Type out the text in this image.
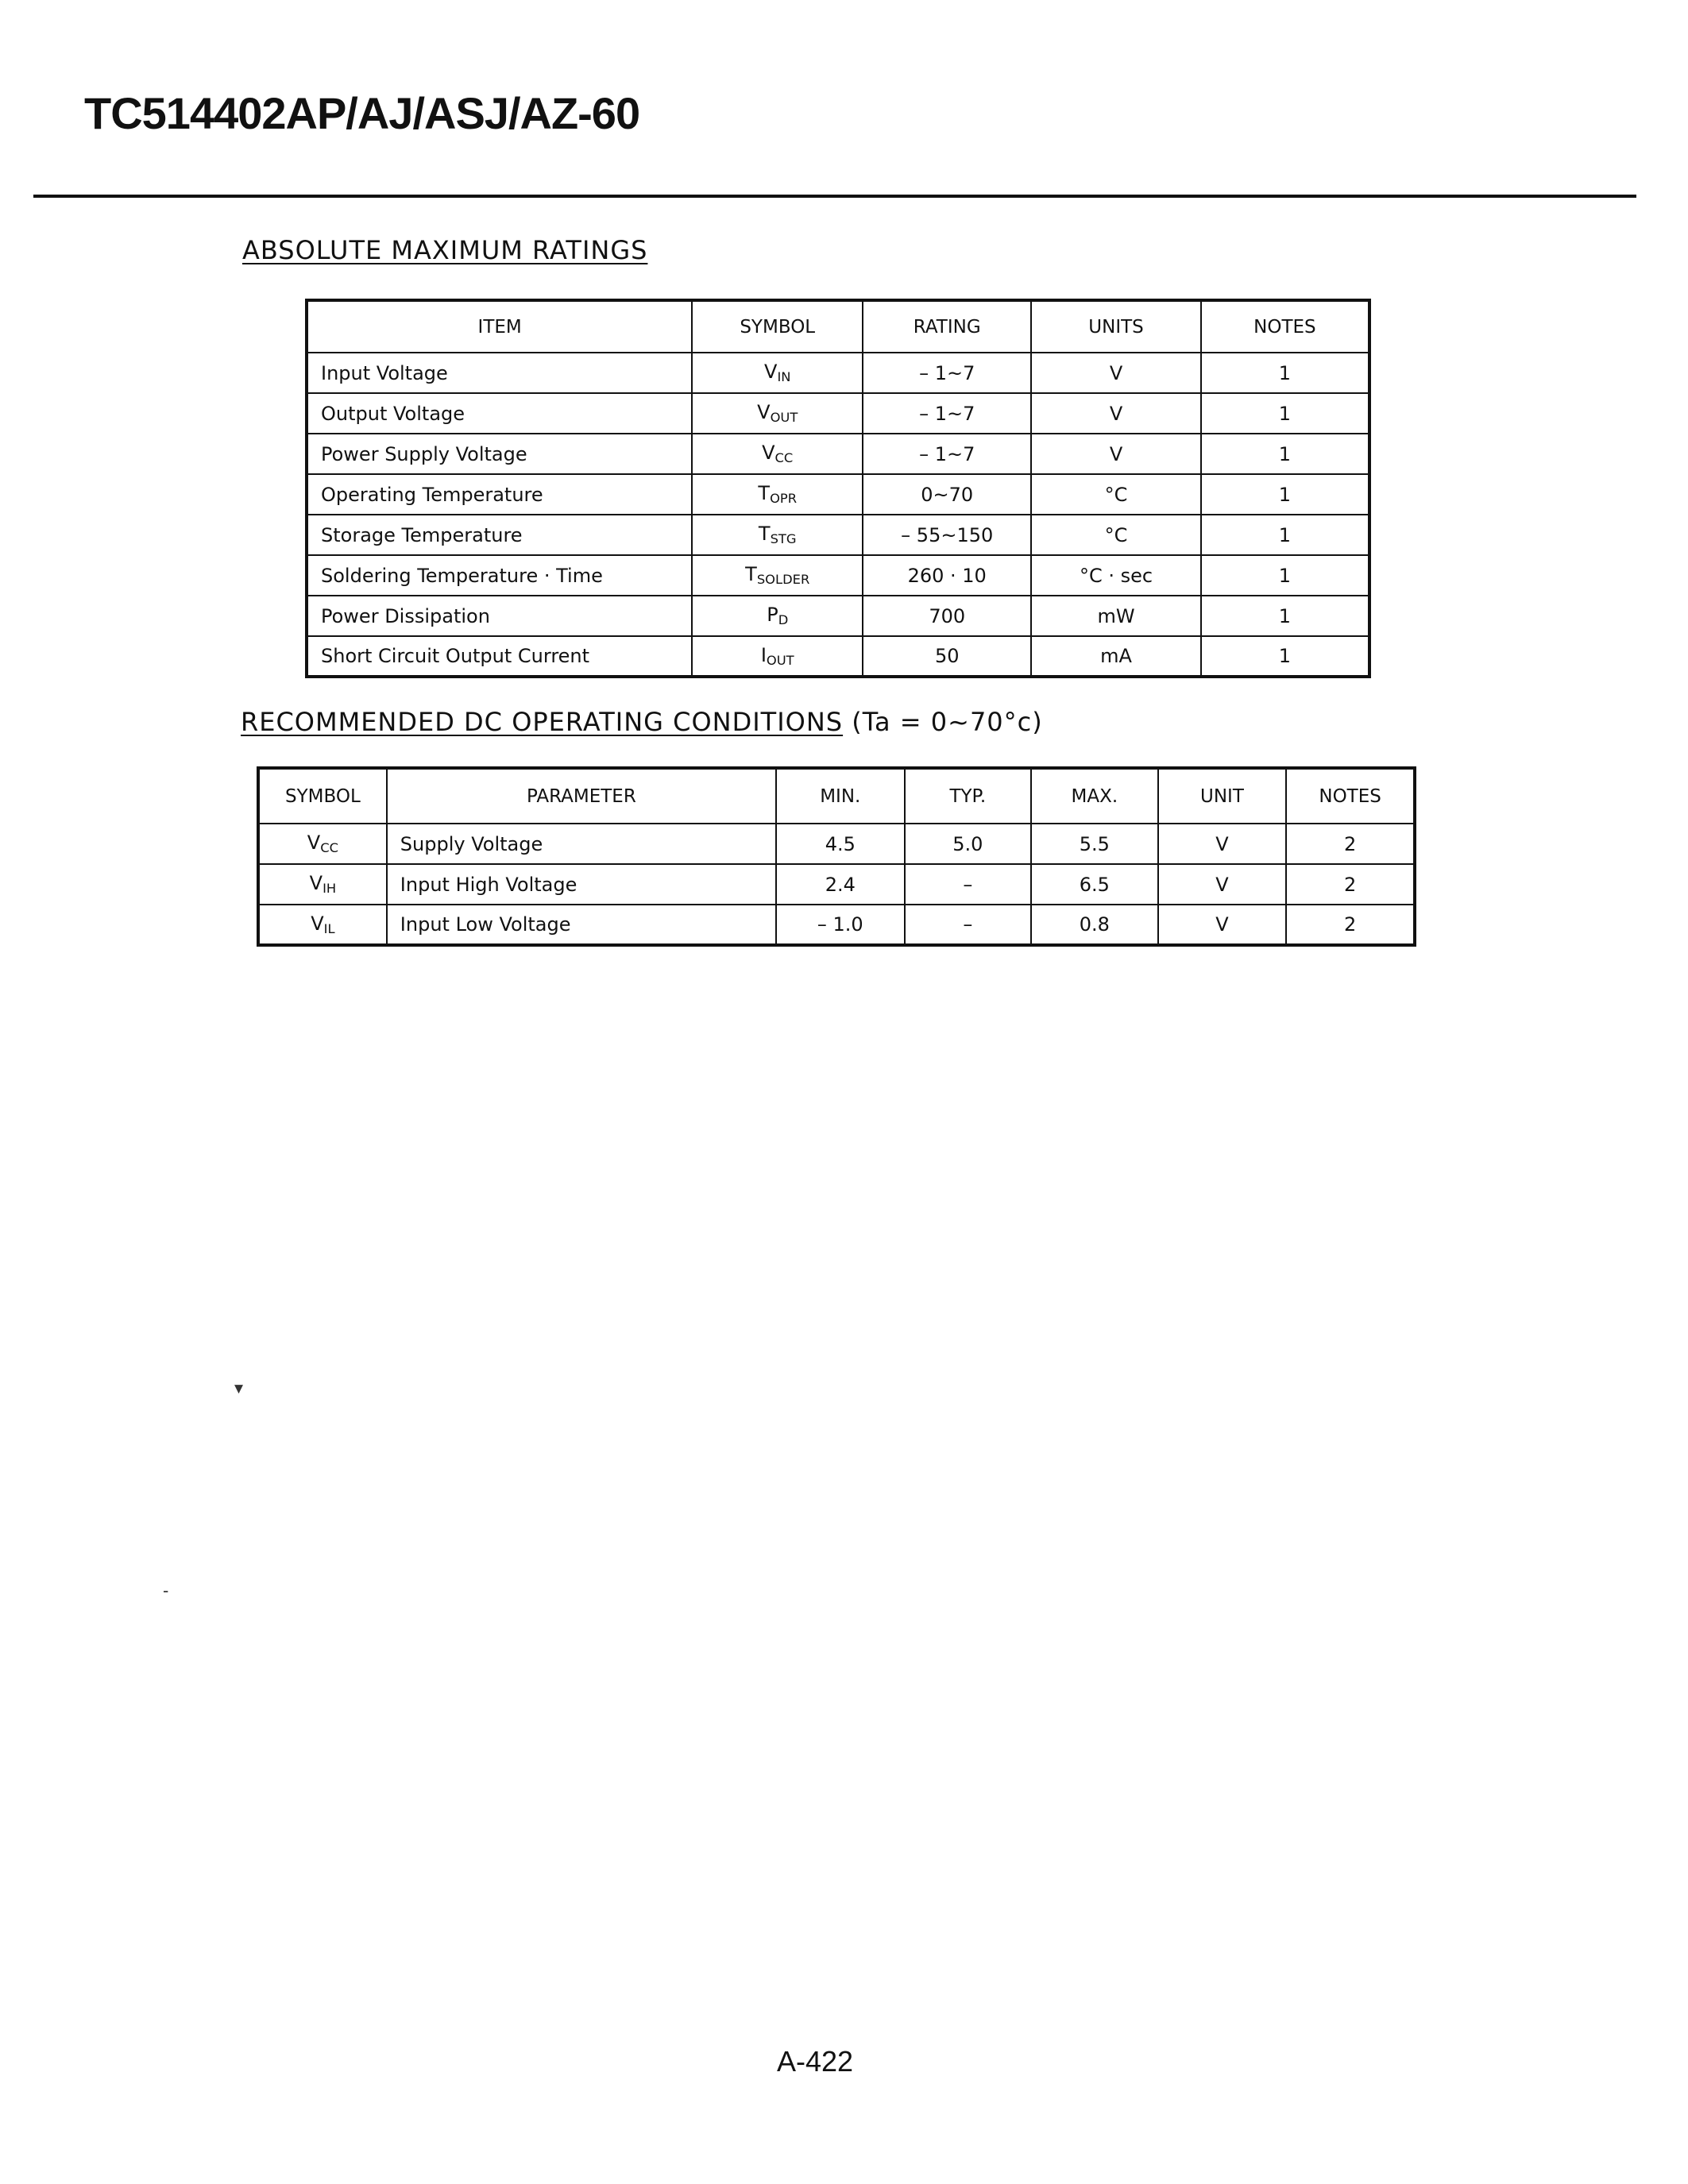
TC514402AP/AJ/ASJ/AZ-60
ABSOLUTE MAXIMUM RATINGS
ITEM	SYMBOL	RATING	UNITS	NOTES
Input Voltage	$V_{IN}$	– 1~7	V	1
Output Voltage	$V_{OUT}$	– 1~7	V	1
Power Supply Voltage	$V_{CC}$	– 1~7	V	1
Operating Temperature	$T_{OPR}$	0~70	°C	1
Storage Temperature	$T_{STG}$	– 55~150	°C	1
Soldering Temperature · Time	$T_{SOLDER}$	260 · 10	°C · sec	1
Power Dissipation	$P_D$	700	mW	1
Short Circuit Output Current	$I_{OUT}$	50	mA	1
RECOMMENDED DC OPERATING CONDITIONS (Ta = 0~70°c)
SYMBOL	PARAMETER	MIN.	TYP.	MAX.	UNIT	NOTES
$V_{CC}$	Supply Voltage	4.5	5.0	5.5	V	2
$V_{IH}$	Input High Voltage	2.4	–	6.5	V	2
$V_{IL}$	Input Low Voltage	– 1.0	–	0.8	V	2
▾
‐
A-422
